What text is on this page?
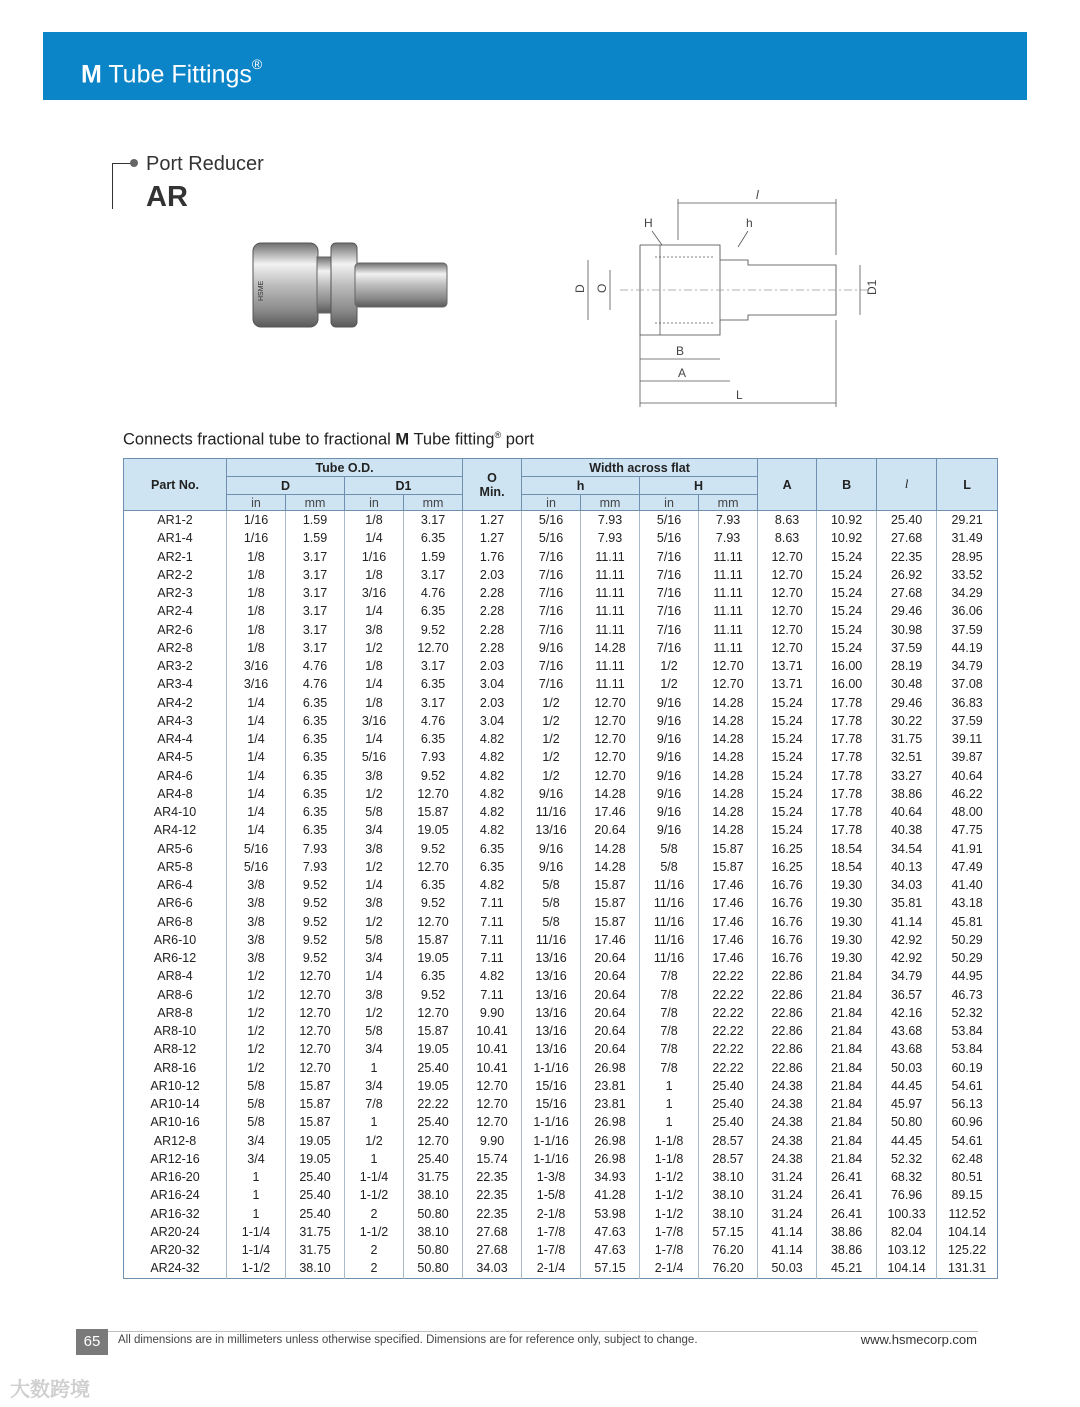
M Tube Fittings®
Port Reducer
AR
HSME
l
H	h
D O	D1
B
A
L
Connects fractional tube to fractional M Tube fitting® port
Part No.	Tube O.D.				O
Min.	Width across flat				A	B	l	L
	D		D1			h		H					
	in	mm	in	mm		in	mm	in	mm				
AR1-2	1/16	1.59	1/8	3.17	1.27	5/16	7.93	5/16	7.93	8.63	10.92	25.40	29.21
AR1-4	1/16	1.59	1/4	6.35	1.27	5/16	7.93	5/16	7.93	8.63	10.92	27.68	31.49
AR2-1	1/8	3.17	1/16	1.59	1.76	7/16	11.11	7/16	11.11	12.70	15.24	22.35	28.95
AR2-2	1/8	3.17	1/8	3.17	2.03	7/16	11.11	7/16	11.11	12.70	15.24	26.92	33.52
AR2-3	1/8	3.17	3/16	4.76	2.28	7/16	11.11	7/16	11.11	12.70	15.24	27.68	34.29
AR2-4	1/8	3.17	1/4	6.35	2.28	7/16	11.11	7/16	11.11	12.70	15.24	29.46	36.06
AR2-6	1/8	3.17	3/8	9.52	2.28	7/16	11.11	7/16	11.11	12.70	15.24	30.98	37.59
AR2-8	1/8	3.17	1/2	12.70	2.28	9/16	14.28	7/16	11.11	12.70	15.24	37.59	44.19
AR3-2	3/16	4.76	1/8	3.17	2.03	7/16	11.11	1/2	12.70	13.71	16.00	28.19	34.79
AR3-4	3/16	4.76	1/4	6.35	3.04	7/16	11.11	1/2	12.70	13.71	16.00	30.48	37.08
AR4-2	1/4	6.35	1/8	3.17	2.03	1/2	12.70	9/16	14.28	15.24	17.78	29.46	36.83
AR4-3	1/4	6.35	3/16	4.76	3.04	1/2	12.70	9/16	14.28	15.24	17.78	30.22	37.59
AR4-4	1/4	6.35	1/4	6.35	4.82	1/2	12.70	9/16	14.28	15.24	17.78	31.75	39.11
AR4-5	1/4	6.35	5/16	7.93	4.82	1/2	12.70	9/16	14.28	15.24	17.78	32.51	39.87
AR4-6	1/4	6.35	3/8	9.52	4.82	1/2	12.70	9/16	14.28	15.24	17.78	33.27	40.64
AR4-8	1/4	6.35	1/2	12.70	4.82	9/16	14.28	9/16	14.28	15.24	17.78	38.86	46.22
AR4-10	1/4	6.35	5/8	15.87	4.82	11/16	17.46	9/16	14.28	15.24	17.78	40.64	48.00
AR4-12	1/4	6.35	3/4	19.05	4.82	13/16	20.64	9/16	14.28	15.24	17.78	40.38	47.75
AR5-6	5/16	7.93	3/8	9.52	6.35	9/16	14.28	5/8	15.87	16.25	18.54	34.54	41.91
AR5-8	5/16	7.93	1/2	12.70	6.35	9/16	14.28	5/8	15.87	16.25	18.54	40.13	47.49
AR6-4	3/8	9.52	1/4	6.35	4.82	5/8	15.87	11/16	17.46	16.76	19.30	34.03	41.40
AR6-6	3/8	9.52	3/8	9.52	7.11	5/8	15.87	11/16	17.46	16.76	19.30	35.81	43.18
AR6-8	3/8	9.52	1/2	12.70	7.11	5/8	15.87	11/16	17.46	16.76	19.30	41.14	45.81
AR6-10	3/8	9.52	5/8	15.87	7.11	11/16	17.46	11/16	17.46	16.76	19.30	42.92	50.29
AR6-12	3/8	9.52	3/4	19.05	7.11	13/16	20.64	11/16	17.46	16.76	19.30	42.92	50.29
AR8-4	1/2	12.70	1/4	6.35	4.82	13/16	20.64	7/8	22.22	22.86	21.84	34.79	44.95
AR8-6	1/2	12.70	3/8	9.52	7.11	13/16	20.64	7/8	22.22	22.86	21.84	36.57	46.73
AR8-8	1/2	12.70	1/2	12.70	9.90	13/16	20.64	7/8	22.22	22.86	21.84	42.16	52.32
AR8-10	1/2	12.70	5/8	15.87	10.41	13/16	20.64	7/8	22.22	22.86	21.84	43.68	53.84
AR8-12	1/2	12.70	3/4	19.05	10.41	13/16	20.64	7/8	22.22	22.86	21.84	43.68	53.84
AR8-16	1/2	12.70	1	25.40	10.41	1-1/16	26.98	7/8	22.22	22.86	21.84	50.03	60.19
AR10-12	5/8	15.87	3/4	19.05	12.70	15/16	23.81	1	25.40	24.38	21.84	44.45	54.61
AR10-14	5/8	15.87	7/8	22.22	12.70	15/16	23.81	1	25.40	24.38	21.84	45.97	56.13
AR10-16	5/8	15.87	1	25.40	12.70	1-1/16	26.98	1	25.40	24.38	21.84	50.80	60.96
AR12-8	3/4	19.05	1/2	12.70	9.90	1-1/16	26.98	1-1/8	28.57	24.38	21.84	44.45	54.61
AR12-16	3/4	19.05	1	25.40	15.74	1-1/16	26.98	1-1/8	28.57	24.38	21.84	52.32	62.48
AR16-20	1	25.40	1-1/4	31.75	22.35	1-3/8	34.93	1-1/2	38.10	31.24	26.41	68.32	80.51
AR16-24	1	25.40	1-1/2	38.10	22.35	1-5/8	41.28	1-1/2	38.10	31.24	26.41	76.96	89.15
AR16-32	1	25.40	2	50.80	22.35	2-1/8	53.98	1-1/2	38.10	31.24	26.41	100.33	112.52
AR20-24	1-1/4	31.75	1-1/2	38.10	27.68	1-7/8	47.63	1-7/8	57.15	41.14	38.86	82.04	104.14
AR20-32	1-1/4	31.75	2	50.80	27.68	1-7/8	47.63	1-7/8	76.20	41.14	38.86	103.12	125.22
AR24-32	1-1/2	38.10	2	50.80	34.03	2-1/4	57.15	2-1/4	76.20	50.03	45.21	104.14	131.31
65	All dimensions are in millimeters unless otherwise specified. Dimensions are for reference only, subject to change.	www.hsmecorp.com
大数跨境
